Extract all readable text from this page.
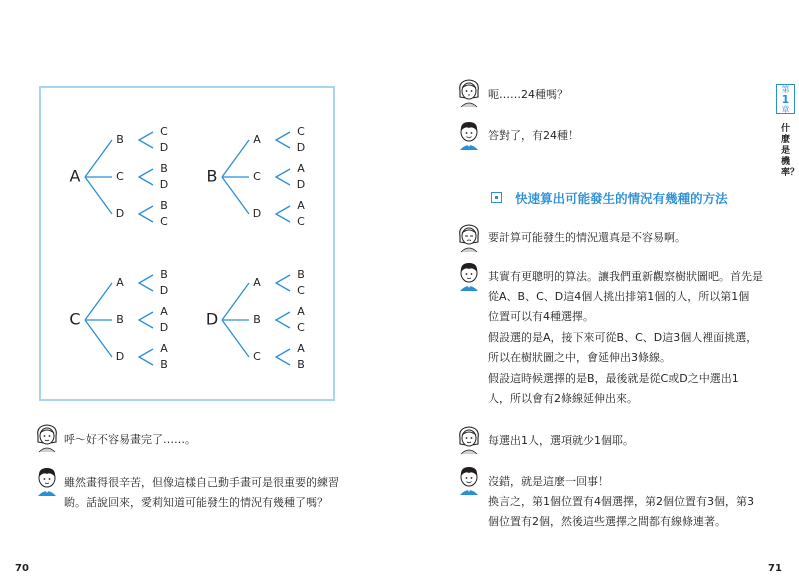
A
B
C
D
C
B
D
D
B
C
B
A
C
D
C
A
D
D
A
C
C
A
B
D
B
A
D
D
A
B
D
A
B
C
B
A
C
C
A
B
呼～好不容易畫完了……。
雖然畫得很辛苦，但像這樣自己動手畫可是很重要的練習
喲。話說回來，愛莉知道可能發生的情況有幾種了嗎？
70
呃……24種嗎？
答對了，有24種！
快速算出可能發生的情況有幾種的方法
要計算可能發生的情況還真是不容易啊。
其實有更聰明的算法。讓我們重新觀察樹狀圖吧。首先是
從A、B、C、D這4個人挑出排第1個的人，所以第1個
位置可以有4種選擇。
假設選的是A，接下來可從B、C、D這3個人裡面挑選，
所以在樹狀圖之中，會延伸出3條線。
假設這時候選擇的是B，最後就是從C或D之中選出1
人，所以會有2條線延伸出來。
每選出1人，選項就少1個耶。
沒錯，就是這麼一回事！
換言之，第1個位置有4個選擇，第2個位置有3個，第3
個位置有2個，然後這些選擇之間都有線條連著。
71
第
1
章
什麼是機率？
